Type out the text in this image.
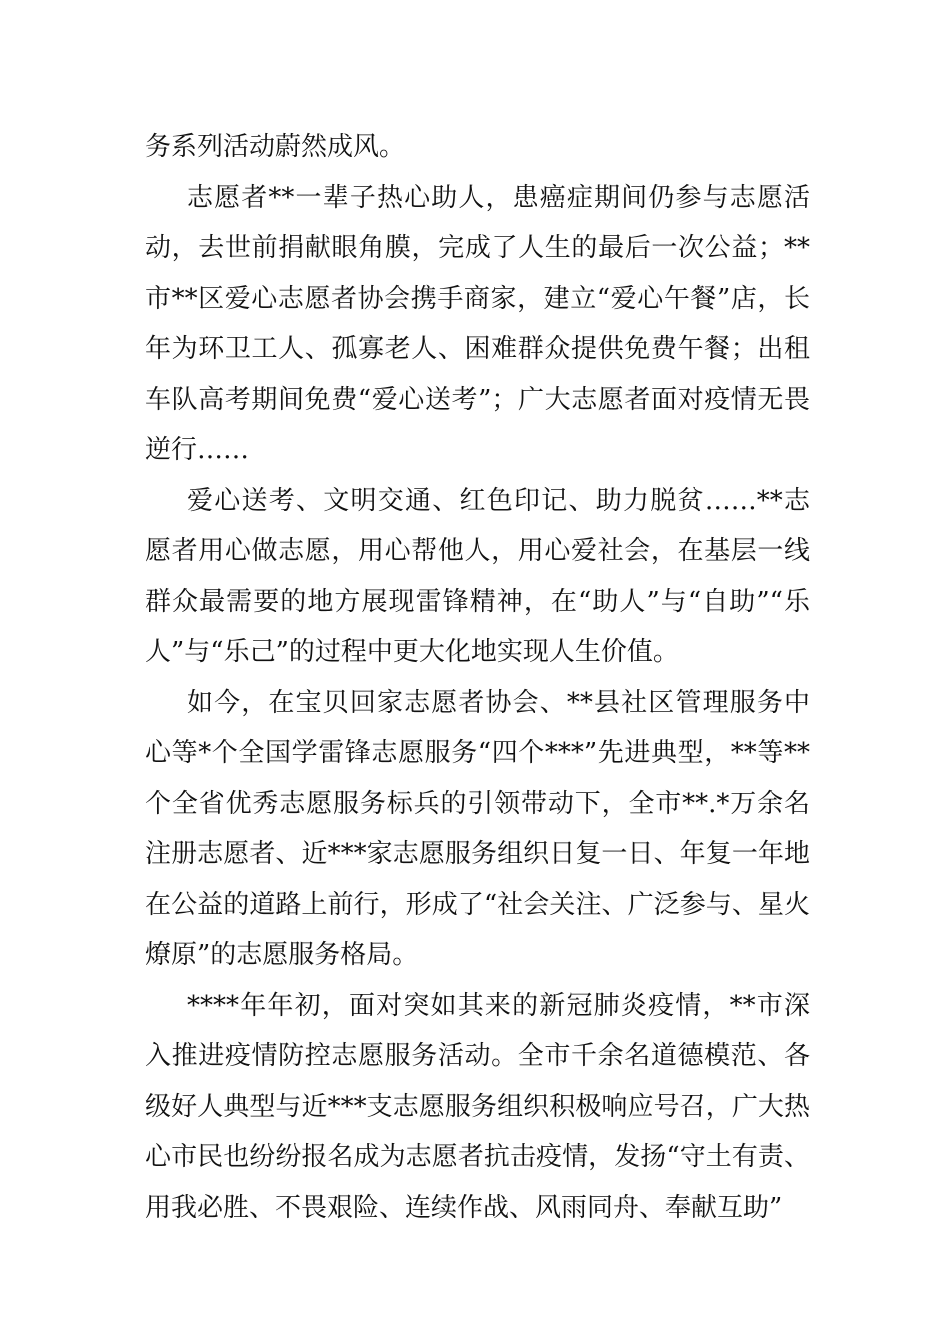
务系列活动蔚然成风。

志愿者**一辈子热心助人，患癌症期间仍参与志愿活动，去世前捐献眼角膜，完成了人生的最后一次公益；**市**区爱心志愿者协会携手商家，建立“爱心午餐”店，长年为环卫工人、孤寡老人、困难群众提供免费午餐；出租车队高考期间免费“爱心送考”；广大志愿者面对疫情无畏逆行……

爱心送考、文明交通、红色印记、助力脱贫……**志愿者用心做志愿，用心帮他人，用心爱社会，在基层一线群众最需要的地方展现雷锋精神，在“助人”与“自助”“乐人”与“乐己”的过程中更大化地实现人生价值。

如今，在宝贝回家志愿者协会、**县社区管理服务中心等*个全国学雷锋志愿服务“四个***”先进典型，**等**个全省优秀志愿服务标兵的引领带动下，全市**.*万余名注册志愿者、近***家志愿服务组织日复一日、年复一年地在公益的道路上前行，形成了“社会关注、广泛参与、星火燎原”的志愿服务格局。

****年年初，面对突如其来的新冠肺炎疫情，**市深入推进疫情防控志愿服务活动。全市千余名道德模范、各级好人典型与近***支志愿服务组织积极响应号召，广大热心市民也纷纷报名成为志愿者抗击疫情，发扬“守土有责、用我必胜、不畏艰险、连续作战、风雨同舟、奉献互助”
